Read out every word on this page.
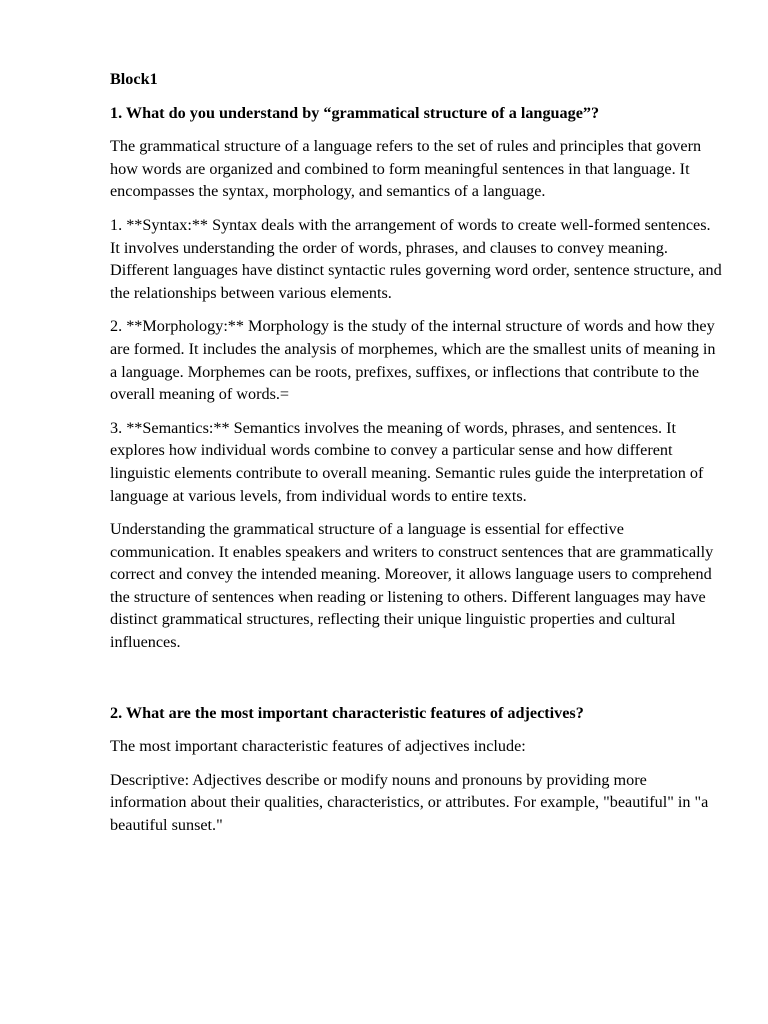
Block1
1. What do you understand by “grammatical structure of a language”?

The grammatical structure of a language refers to the set of rules and principles that govern how words are organized and combined to form meaningful sentences in that language. It encompasses the syntax, morphology, and semantics of a language.

1. **Syntax:** Syntax deals with the arrangement of words to create well-formed sentences. It involves understanding the order of words, phrases, and clauses to convey meaning. Different languages have distinct syntactic rules governing word order, sentence structure, and the relationships between various elements.

2. **Morphology:** Morphology is the study of the internal structure of words and how they are formed. It includes the analysis of morphemes, which are the smallest units of meaning in a language. Morphemes can be roots, prefixes, suffixes, or inflections that contribute to the overall meaning of words.=

3. **Semantics:** Semantics involves the meaning of words, phrases, and sentences. It explores how individual words combine to convey a particular sense and how different linguistic elements contribute to overall meaning. Semantic rules guide the interpretation of language at various levels, from individual words to entire texts.

Understanding the grammatical structure of a language is essential for effective communication. It enables speakers and writers to construct sentences that are grammatically correct and convey the intended meaning. Moreover, it allows language users to comprehend the structure of sentences when reading or listening to others. Different languages may have distinct grammatical structures, reflecting their unique linguistic properties and cultural influences.

2. What are the most important characteristic features of adjectives?

The most important characteristic features of adjectives include:

Descriptive: Adjectives describe or modify nouns and pronouns by providing more information about their qualities, characteristics, or attributes. For example, "beautiful" in "a beautiful sunset."
